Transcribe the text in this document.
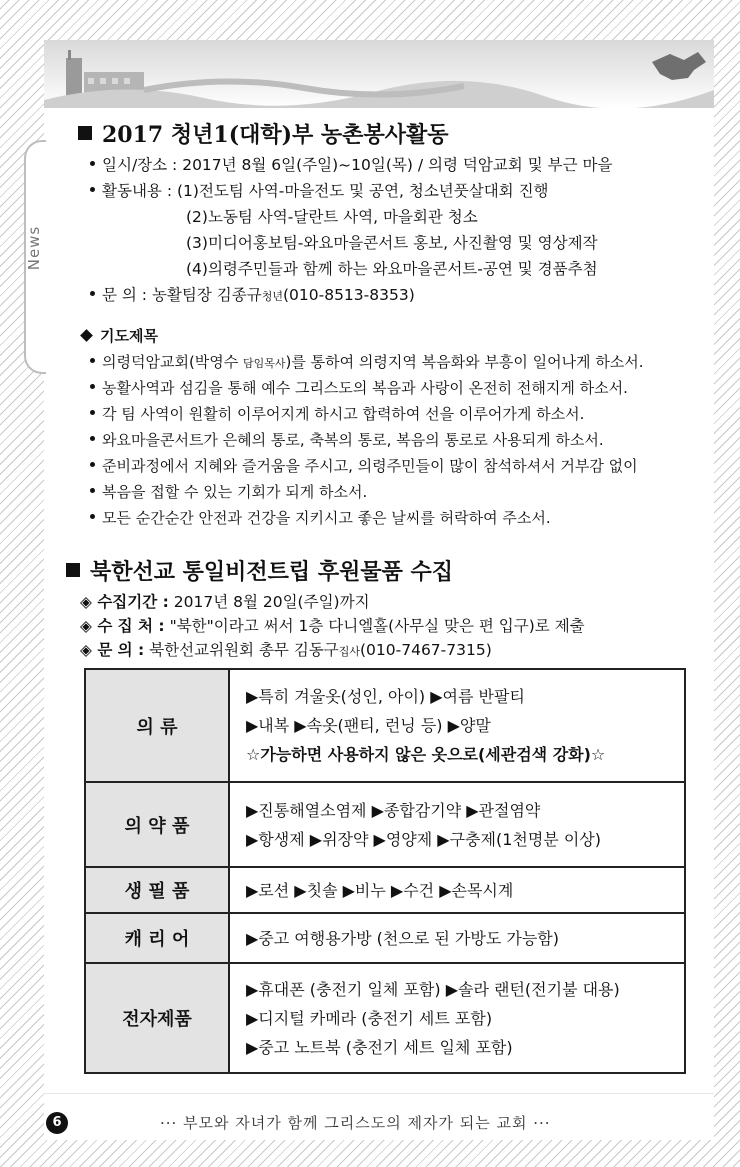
News
2017 청년1(대학)부 농촌봉사활동
일시/장소 : 2017년 8월 6일(주일)~10일(목) / 의령 덕암교회 및 부근 마을
활동내용 : (1)전도팀 사역-마을전도 및 공연, 청소년풋살대회 진행
(2)노동팀 사역-달란트 사역, 마을회관 청소
(3)미디어홍보팀-와요마을콘서트 홍보, 사진촬영 및 영상제작
(4)의령주민들과 함께 하는 와요마을콘서트-공연 및 경품추첨
문 의 : 농활팀장 김종규청년(010-8513-8353)
기도제목
의령덕암교회(박영수 담임목사)를 통하여 의령지역 복음화와 부흥이 일어나게 하소서.
농활사역과 섬김을 통해 예수 그리스도의 복음과 사랑이 온전히 전해지게 하소서.
각 팀 사역이 원활히 이루어지게 하시고 합력하여 선을 이루어가게 하소서.
와요마을콘서트가 은혜의 통로, 축복의 통로, 복음의 통로로 사용되게 하소서.
준비과정에서 지혜와 즐거움을 주시고, 의령주민들이 많이 참석하셔서 거부감 없이
복음을 접할 수 있는 기회가 되게 하소서.
모든 순간순간 안전과 건강을 지키시고 좋은 날씨를 허락하여 주소서.
북한선교 통일비전트립 후원물품 수집
◈ 수집기간 : 2017년 8월 20일(주일)까지
◈ 수 집 처 : "북한"이라고 써서 1층 다니엘홀(사무실 맞은 편 입구)로 제출
◈ 문 의 : 북한선교위원회 총무 김동구집사(010-7467-7315)
의 류	▶특히 겨울옷(성인, 아이) ▶여름 반팔티
▶내복 ▶속옷(팬티, 런닝 등) ▶양말
☆가능하면 사용하지 않은 옷으로(세관검색 강화)☆

의 약 품	▶진통해열소염제 ▶종합감기약 ▶관절염약
▶항생제 ▶위장약 ▶영양제 ▶구충제(1천명분 이상)

생 필 품	▶로션 ▶칫솔 ▶비누 ▶수건 ▶손목시계

캐 리 어	▶중고 여행용가방 (천으로 된 가방도 가능함)

전자제품	▶휴대폰 (충전기 일체 포함) ▶솔라 랜턴(전기불 대용)
▶디지털 카메라 (충전기 세트 포함)
▶중고 노트북 (충전기 세트 일체 포함)
6	··· 부모와 자녀가 함께 그리스도의 제자가 되는 교회 ···
